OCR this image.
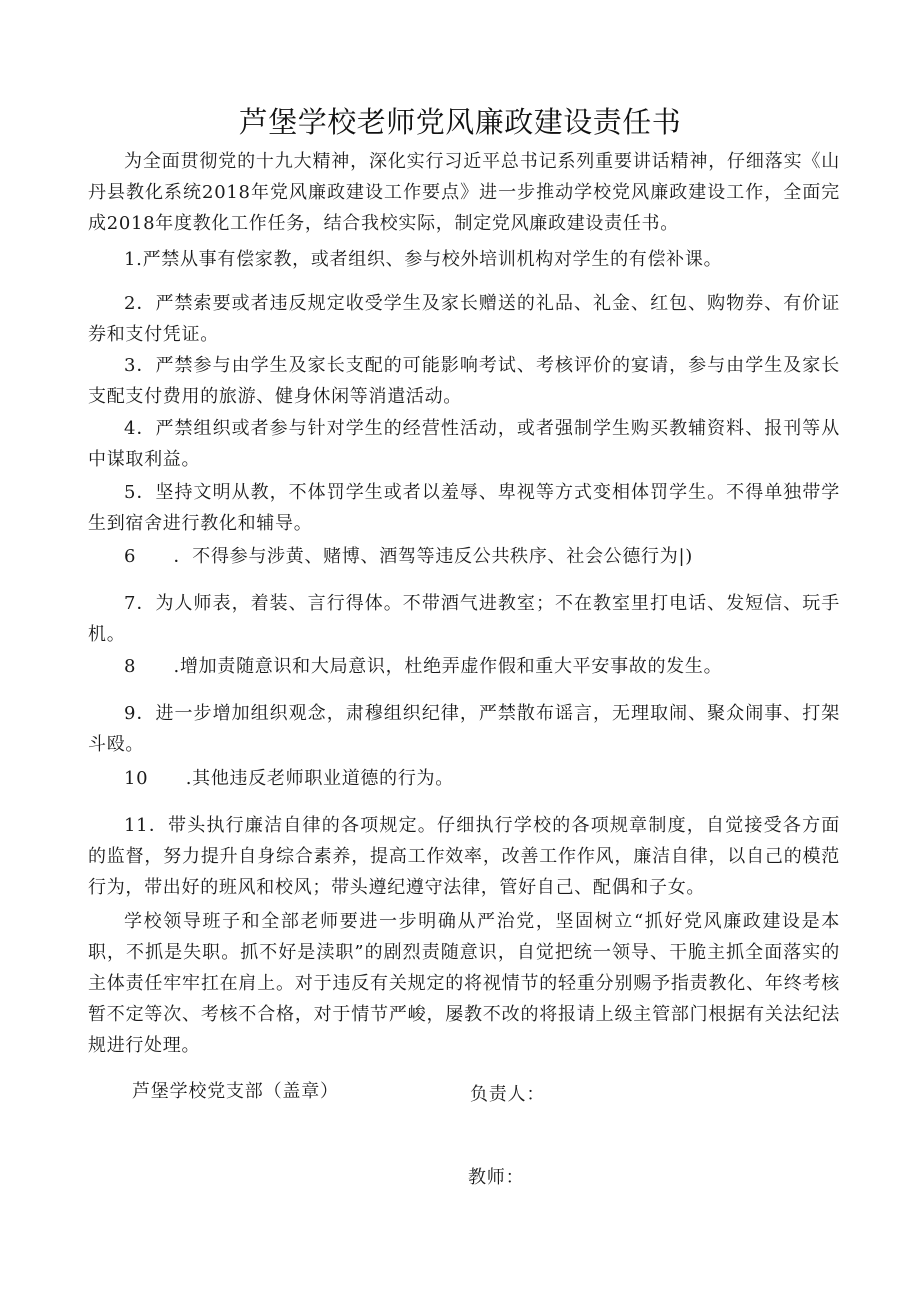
芦堡学校老师党风廉政建设责任书

为全面贯彻党的十九大精神，深化实行习近平总书记系列重要讲话精神，仔细落实《山丹县教化系统2018年党风廉政建设工作要点》进一步推动学校党风廉政建设工作，全面完成2018年度教化工作任务，结合我校实际，制定党风廉政建设责任书。

1.严禁从事有偿家教，或者组织、参与校外培训机构对学生的有偿补课。

2．严禁索要或者违反规定收受学生及家长赠送的礼品、礼金、红包、购物券、有价证券和支付凭证。

3．严禁参与由学生及家长支配的可能影响考试、考核评价的宴请，参与由学生及家长支配支付费用的旅游、健身休闲等消遣活动。

4．严禁组织或者参与针对学生的经营性活动，或者强制学生购买教辅资料、报刊等从中谋取利益。

5．坚持文明从教，不体罚学生或者以羞辱、卑视等方式变相体罚学生。不得单独带学生到宿舍进行教化和辅导。

6　　．不得参与涉黄、赌博、酒驾等违反公共秩序、社会公德行为|)

7．为人师表，着装、言行得体。不带酒气进教室；不在教室里打电话、发短信、玩手机。

8　　.增加责随意识和大局意识，杜绝弄虚作假和重大平安事故的发生。

9．进一步增加组织观念，肃穆组织纪律，严禁散布谣言，无理取闹、聚众闹事、打架斗殴。

10　　.其他违反老师职业道德的行为。

11．带头执行廉洁自律的各项规定。仔细执行学校的各项规章制度，自觉接受各方面的监督，努力提升自身综合素养，提高工作效率，改善工作作风，廉洁自律，以自己的模范行为，带出好的班风和校风；带头遵纪遵守法律，管好自己、配偶和子女。

学校领导班子和全部老师要进一步明确从严治党，坚固树立“抓好党风廉政建设是本职，不抓是失职。抓不好是渎职”的剧烈责随意识，自觉把统一领导、干脆主抓全面落实的主体责任牢牢扛在肩上。对于违反有关规定的将视情节的轻重分别赐予指责教化、年终考核暂不定等次、考核不合格，对于情节严峻，屡教不改的将报请上级主管部门根据有关法纪法规进行处理。

芦堡学校党支部（盖章）	负责人：
教师：
